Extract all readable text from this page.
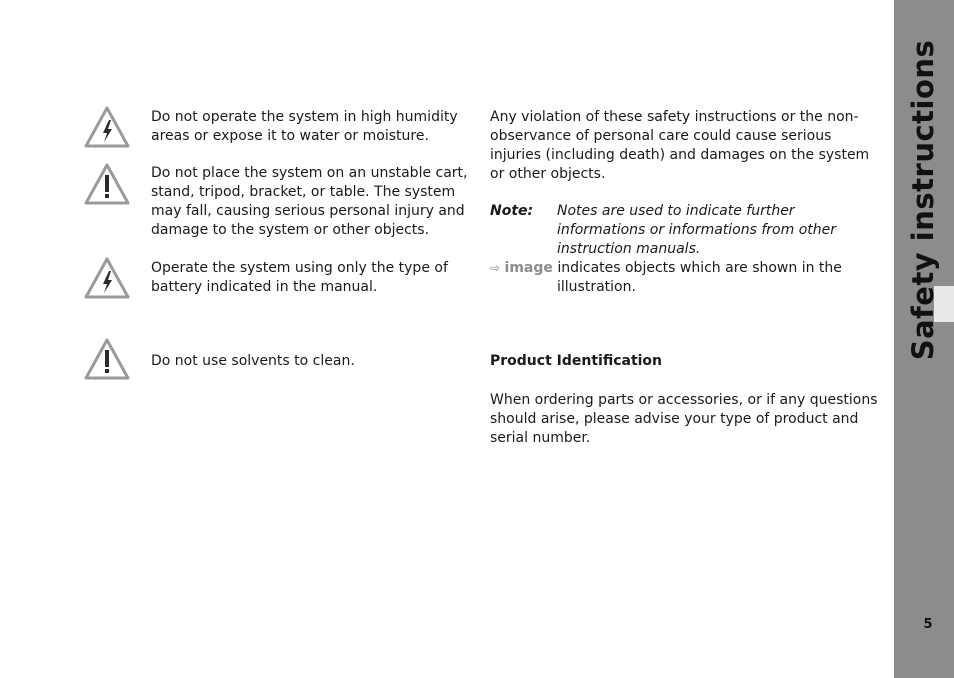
Do not operate the system in high humidity areas or expose it to water or moisture.
Do not place the system on an unstable cart, stand, tripod, bracket, or table. The system may fall, causing serious personal injury and damage to the system or other objects.
Operate the system using only the type of battery indicated in the manual.
Do not use solvents to clean.
Any violation of these safety instructions or the non-observance of personal care could cause serious injuries (including death) and damages on the system or other objects.
Note: Notes are used to indicate further informations or informations from other instruction manuals.
⇨ image indicates objects which are shown in the
illustration.
Product Identification
When ordering parts or accessories, or if any questions should arise, please advise your type of product and serial number.
Safety instructions
5
